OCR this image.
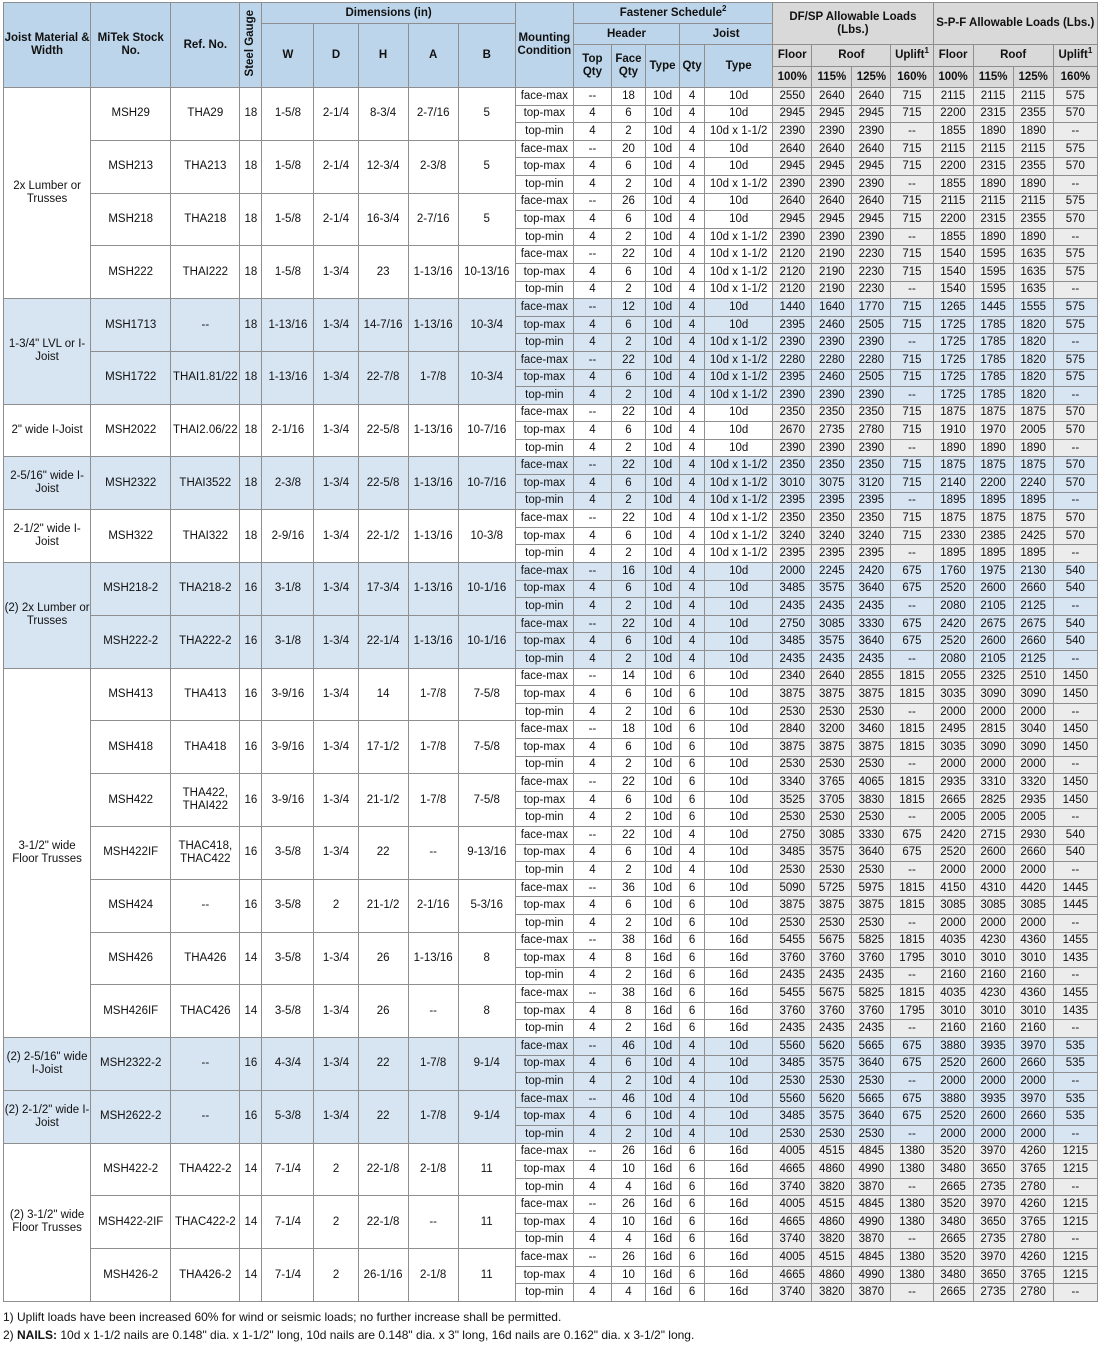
Joist Material & Width	MiTek Stock No.	Ref. No.	Steel Gauge	Dimensions (in)					Mounting Condition	Fastener Schedule$^2$					DF/SP Allowable Loads (Lbs.)				S-P-F Allowable Loads (Lbs.)			
				W	D	H	A	B		Header			Joist									
										Top Qty	Face Qty	Type	Qty	Type	Floor	Roof		Uplift$^1$	Floor	Roof		Uplift$^1$
															100%	115%	125%	160%	100%	115%	125%	160%
2x Lumber or Trusses	MSH29	THA29	18	1-5/8	2-1/4	8-3/4	2-7/16	5	face-max	--	18	10d	4	10d	2550	2640	2640	715	2115	2115	2115	575
									top-max	4	6	10d	4	10d	2945	2945	2945	715	2200	2315	2355	570
									top-min	4	2	10d	4	10d x 1-1/2	2390	2390	2390	--	1855	1890	1890	--
	MSH213	THA213	18	1-5/8	2-1/4	12-3/4	2-3/8	5	face-max	--	20	10d	4	10d	2640	2640	2640	715	2115	2115	2115	575
									top-max	4	6	10d	4	10d	2945	2945	2945	715	2200	2315	2355	570
									top-min	4	2	10d	4	10d x 1-1/2	2390	2390	2390	--	1855	1890	1890	--
	MSH218	THA218	18	1-5/8	2-1/4	16-3/4	2-7/16	5	face-max	--	26	10d	4	10d	2640	2640	2640	715	2115	2115	2115	575
									top-max	4	6	10d	4	10d	2945	2945	2945	715	2200	2315	2355	570
									top-min	4	2	10d	4	10d x 1-1/2	2390	2390	2390	--	1855	1890	1890	--
	MSH222	THAI222	18	1-5/8	1-3/4	23	1-13/16	10-13/16	face-max	--	22	10d	4	10d x 1-1/2	2120	2190	2230	715	1540	1595	1635	575
									top-max	4	6	10d	4	10d x 1-1/2	2120	2190	2230	715	1540	1595	1635	575
									top-min	4	2	10d	4	10d x 1-1/2	2120	2190	2230	--	1540	1595	1635	--
1-3/4" LVL or I-Joist	MSH1713	--	18	1-13/16	1-3/4	14-7/16	1-13/16	10-3/4	face-max	--	12	10d	4	10d	1440	1640	1770	715	1265	1445	1555	575
									top-max	4	6	10d	4	10d	2395	2460	2505	715	1725	1785	1820	575
									top-min	4	2	10d	4	10d x 1-1/2	2390	2390	2390	--	1725	1785	1820	--
	MSH1722	THAI1.81/22	18	1-13/16	1-3/4	22-7/8	1-7/8	10-3/4	face-max	--	22	10d	4	10d x 1-1/2	2280	2280	2280	715	1725	1785	1820	575
									top-max	4	6	10d	4	10d x 1-1/2	2395	2460	2505	715	1725	1785	1820	575
									top-min	4	2	10d	4	10d x 1-1/2	2390	2390	2390	--	1725	1785	1820	--
2" wide I-Joist	MSH2022	THAI2.06/22	18	2-1/16	1-3/4	22-5/8	1-13/16	10-7/16	face-max	--	22	10d	4	10d	2350	2350	2350	715	1875	1875	1875	570
									top-max	4	6	10d	4	10d	2670	2735	2780	715	1910	1970	2005	570
									top-min	4	2	10d	4	10d	2390	2390	2390	--	1890	1890	1890	--
2-5/16" wide I-Joist	MSH2322	THAI3522	18	2-3/8	1-3/4	22-5/8	1-13/16	10-7/16	face-max	--	22	10d	4	10d x 1-1/2	2350	2350	2350	715	1875	1875	1875	570
									top-max	4	6	10d	4	10d x 1-1/2	3010	3075	3120	715	2140	2200	2240	570
									top-min	4	2	10d	4	10d x 1-1/2	2395	2395	2395	--	1895	1895	1895	--
2-1/2" wide I-Joist	MSH322	THAI322	18	2-9/16	1-3/4	22-1/2	1-13/16	10-3/8	face-max	--	22	10d	4	10d x 1-1/2	2350	2350	2350	715	1875	1875	1875	570
									top-max	4	6	10d	4	10d x 1-1/2	3240	3240	3240	715	2330	2385	2425	570
									top-min	4	2	10d	4	10d x 1-1/2	2395	2395	2395	--	1895	1895	1895	--
(2) 2x Lumber or Trusses	MSH218-2	THA218-2	16	3-1/8	1-3/4	17-3/4	1-13/16	10-1/16	face-max	--	16	10d	4	10d	2000	2245	2420	675	1760	1975	2130	540
									top-max	4	6	10d	4	10d	3485	3575	3640	675	2520	2600	2660	540
									top-min	4	2	10d	4	10d	2435	2435	2435	--	2080	2105	2125	--
	MSH222-2	THA222-2	16	3-1/8	1-3/4	22-1/4	1-13/16	10-1/16	face-max	--	22	10d	4	10d	2750	3085	3330	675	2420	2675	2675	540
									top-max	4	6	10d	4	10d	3485	3575	3640	675	2520	2600	2660	540
									top-min	4	2	10d	4	10d	2435	2435	2435	--	2080	2105	2125	--
3-1/2" wide Floor Trusses	MSH413	THA413	16	3-9/16	1-3/4	14	1-7/8	7-5/8	face-max	--	14	10d	6	10d	2340	2640	2855	1815	2055	2325	2510	1450
									top-max	4	6	10d	6	10d	3875	3875	3875	1815	3035	3090	3090	1450
									top-min	4	2	10d	6	10d	2530	2530	2530	--	2000	2000	2000	--
	MSH418	THA418	16	3-9/16	1-3/4	17-1/2	1-7/8	7-5/8	face-max	--	18	10d	6	10d	2840	3200	3460	1815	2495	2815	3040	1450
									top-max	4	6	10d	6	10d	3875	3875	3875	1815	3035	3090	3090	1450
									top-min	4	2	10d	6	10d	2530	2530	2530	--	2000	2000	2000	--
	MSH422	THA422, THAI422	16	3-9/16	1-3/4	21-1/2	1-7/8	7-5/8	face-max	--	22	10d	6	10d	3340	3765	4065	1815	2935	3310	3320	1450
									top-max	4	6	10d	6	10d	3525	3705	3830	1815	2665	2825	2935	1450
									top-min	4	2	10d	6	10d	2530	2530	2530	--	2005	2005	2005	--
	MSH422IF	THAC418, THAC422	16	3-5/8	1-3/4	22	--	9-13/16	face-max	--	22	10d	4	10d	2750	3085	3330	675	2420	2715	2930	540
									top-max	4	6	10d	4	10d	3485	3575	3640	675	2520	2600	2660	540
									top-min	4	2	10d	4	10d	2530	2530	2530	--	2000	2000	2000	--
	MSH424	--	16	3-5/8	2	21-1/2	2-1/16	5-3/16	face-max	--	36	10d	6	10d	5090	5725	5975	1815	4150	4310	4420	1445
									top-max	4	6	10d	6	10d	3875	3875	3875	1815	3085	3085	3085	1445
									top-min	4	2	10d	6	10d	2530	2530	2530	--	2000	2000	2000	--
	MSH426	THA426	14	3-5/8	1-3/4	26	1-13/16	8	face-max	--	38	16d	6	16d	5455	5675	5825	1815	4035	4230	4360	1455
									top-max	4	8	16d	6	16d	3760	3760	3760	1795	3010	3010	3010	1435
									top-min	4	2	16d	6	16d	2435	2435	2435	--	2160	2160	2160	--
	MSH426IF	THAC426	14	3-5/8	1-3/4	26	--	8	face-max	--	38	16d	6	16d	5455	5675	5825	1815	4035	4230	4360	1455
									top-max	4	8	16d	6	16d	3760	3760	3760	1795	3010	3010	3010	1435
									top-min	4	2	16d	6	16d	2435	2435	2435	--	2160	2160	2160	--
(2) 2-5/16" wide I-Joist	MSH2322-2	--	16	4-3/4	1-3/4	22	1-7/8	9-1/4	face-max	--	46	10d	4	10d	5560	5620	5665	675	3880	3935	3970	535
									top-max	4	6	10d	4	10d	3485	3575	3640	675	2520	2600	2660	535
									top-min	4	2	10d	4	10d	2530	2530	2530	--	2000	2000	2000	--
(2) 2-1/2" wide I-Joist	MSH2622-2	--	16	5-3/8	1-3/4	22	1-7/8	9-1/4	face-max	--	46	10d	4	10d	5560	5620	5665	675	3880	3935	3970	535
									top-max	4	6	10d	4	10d	3485	3575	3640	675	2520	2600	2660	535
									top-min	4	2	10d	4	10d	2530	2530	2530	--	2000	2000	2000	--
(2) 3-1/2" wide Floor Trusses	MSH422-2	THA422-2	14	7-1/4	2	22-1/8	2-1/8	11	face-max	--	26	16d	6	16d	4005	4515	4845	1380	3520	3970	4260	1215
									top-max	4	10	16d	6	16d	4665	4860	4990	1380	3480	3650	3765	1215
									top-min	4	4	16d	6	16d	3740	3820	3870	--	2665	2735	2780	--
	MSH422-2IF	THAC422-2	14	7-1/4	2	22-1/8	--	11	face-max	--	26	16d	6	16d	4005	4515	4845	1380	3520	3970	4260	1215
									top-max	4	10	16d	6	16d	4665	4860	4990	1380	3480	3650	3765	1215
									top-min	4	4	16d	6	16d	3740	3820	3870	--	2665	2735	2780	--
	MSH426-2	THA426-2	14	7-1/4	2	26-1/16	2-1/8	11	face-max	--	26	16d	6	16d	4005	4515	4845	1380	3520	3970	4260	1215
									top-max	4	10	16d	6	16d	4665	4860	4990	1380	3480	3650	3765	1215
									top-min	4	4	16d	6	16d	3740	3820	3870	--	2665	2735	2780	--
1) Uplift loads have been increased 60% for wind or seismic loads; no further increase shall be permitted.
2) NAILS: 10d x 1-1/2 nails are 0.148" dia. x 1-1/2" long, 10d nails are 0.148" dia. x 3" long, 16d nails are 0.162" dia. x 3-1/2" long.
